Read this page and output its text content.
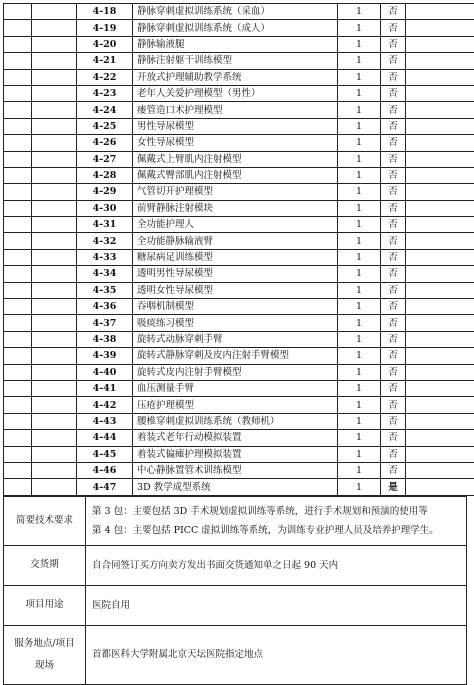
		4-18	静脉穿刺虚拟训练系统（采血）	1	否	
		4-19	静脉穿刺虚拟训练系统（成人）	1	否	
		4-20	静脉输液腿	1	否	
		4-21	静脉注射躯干训练模型	1	否	
		4-22	开放式护理辅助教学系统	1	否	
		4-23	老年人关爱护理模型（男性）	1	否	
		4-24	瘘管造口术护理模型	1	否	
		4-25	男性导尿模型	1	否	
		4-26	女性导尿模型	1	否	
		4-27	佩戴式上臂肌内注射模型	1	否	
		4-28	佩戴式臀部肌内注射模型	1	否	
		4-29	气管切开护理模型	1	否	
		4-30	前臂静脉注射模块	1	否	
		4-31	全功能护理人	1	否	
		4-32	全功能静脉输液臂	1	否	
		4-33	糖尿病足训练模型	1	否	
		4-34	透明男性导尿模型	1	否	
		4-35	透明女性导尿模型	1	否	
		4-36	吞咽机制模型	1	否	
		4-37	吸痰练习模型	1	否	
		4-38	旋转式动脉穿刺手臂	1	否	
		4-39	旋转式静脉穿刺及皮内注射手臂模型	1	否	
		4-40	旋转式皮内注射手臂模型	1	否	
		4-41	血压测量手臂	1	否	
		4-42	压疮护理模型	1	否	
		4-43	腰椎穿刺虚拟训练系统（教师机）	1	否	
		4-44	着装式老年行动模拟装置	1	否	
		4-45	着装式偏瘫护理模拟装置	1	否	
		4-46	中心静脉置管术训练模型	1	否	
		4-47	3D 教学成型系统	1	是	
简要技术要求	第 3 包：主要包括 3D 手术规划虚拟训练等系统，进行手术规划和预演的使用等
第 4 包：主要包括 PICC 虚拟训练等系统，为训练专业护理人员及培养护理学生。

交货期	自合同签订买方向卖方发出书面交货通知单之日起 90 天内
项目用途	医院自用

服务地点/项目
现场	首都医科大学附属北京天坛医院指定地点
